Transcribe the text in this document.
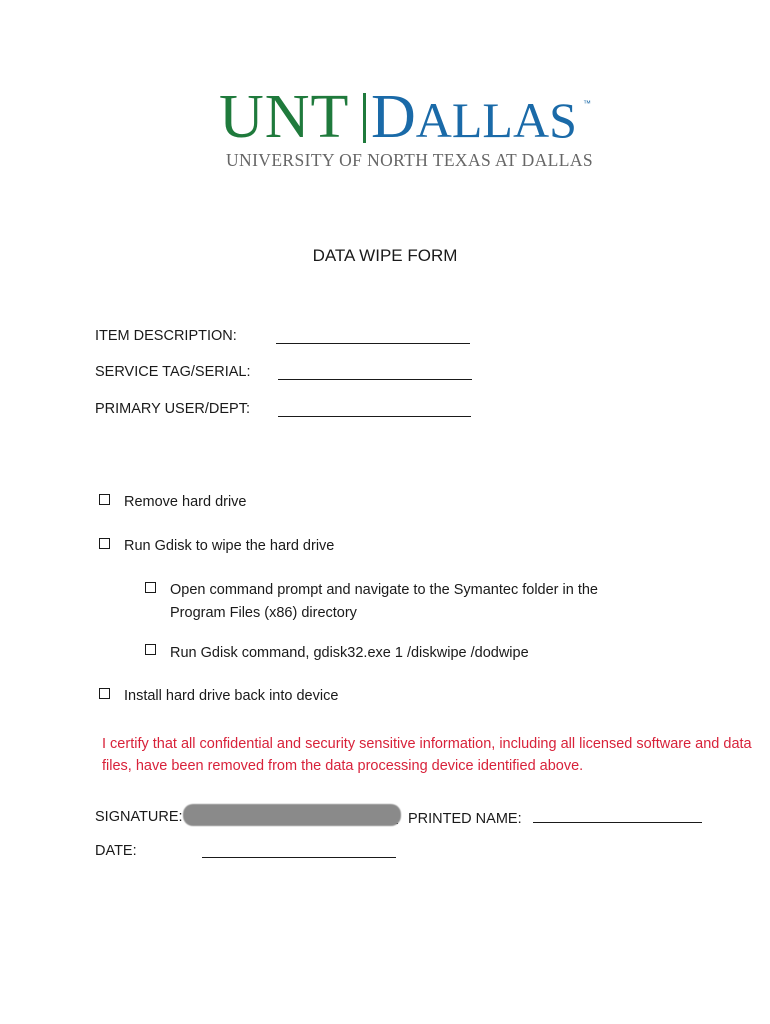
UNT DALLAS ™
UNIVERSITY OF NORTH TEXAS AT DALLAS
DATA WIPE FORM
ITEM DESCRIPTION:
SERVICE TAG/SERIAL:
PRIMARY USER/DEPT:
Remove hard drive
Run Gdisk to wipe the hard drive
Open command prompt and navigate to the Symantec folder in the
Program Files (x86) directory
Run Gdisk command, gdisk32.exe 1 /diskwipe /dodwipe
Install hard drive back into device
I certify that all confidential and security sensitive information, including all licensed software and data files, have been removed from the data processing device identified above.
SIGNATURE:	PRINTED NAME:
DATE:
